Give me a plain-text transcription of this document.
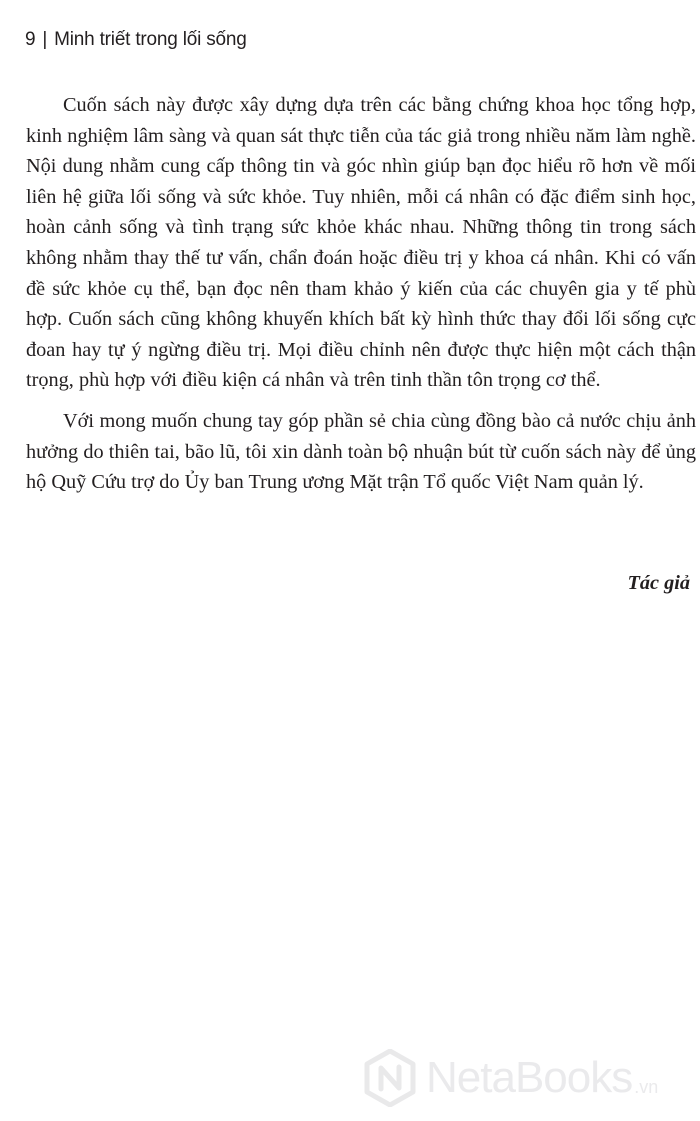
9 | Minh triết trong lối sống

Cuốn sách này được xây dựng dựa trên các bằng chứng khoa học tổng hợp, kinh nghiệm lâm sàng và quan sát thực tiễn của tác giả trong nhiều năm làm nghề. Nội dung nhằm cung cấp thông tin và góc nhìn giúp bạn đọc hiểu rõ hơn về mối liên hệ giữa lối sống và sức khỏe. Tuy nhiên, mỗi cá nhân có đặc điểm sinh học, hoàn cảnh sống và tình trạng sức khỏe khác nhau. Những thông tin trong sách không nhằm thay thế tư vấn, chẩn đoán hoặc điều trị y khoa cá nhân. Khi có vấn đề sức khỏe cụ thể, bạn đọc nên tham khảo ý kiến của các chuyên gia y tế phù hợp. Cuốn sách cũng không khuyến khích bất kỳ hình thức thay đổi lối sống cực đoan hay tự ý ngừng điều trị. Mọi điều chỉnh nên được thực hiện một cách thận trọng, phù hợp với điều kiện cá nhân và trên tinh thần tôn trọng cơ thể.

Với mong muốn chung tay góp phần sẻ chia cùng đồng bào cả nước chịu ảnh hưởng do thiên tai, bão lũ, tôi xin dành toàn bộ nhuận bút từ cuốn sách này để ủng hộ Quỹ Cứu trợ do Ủy ban Trung ương Mặt trận Tổ quốc Việt Nam quản lý.

Tác giả
NetaBooks .vn
